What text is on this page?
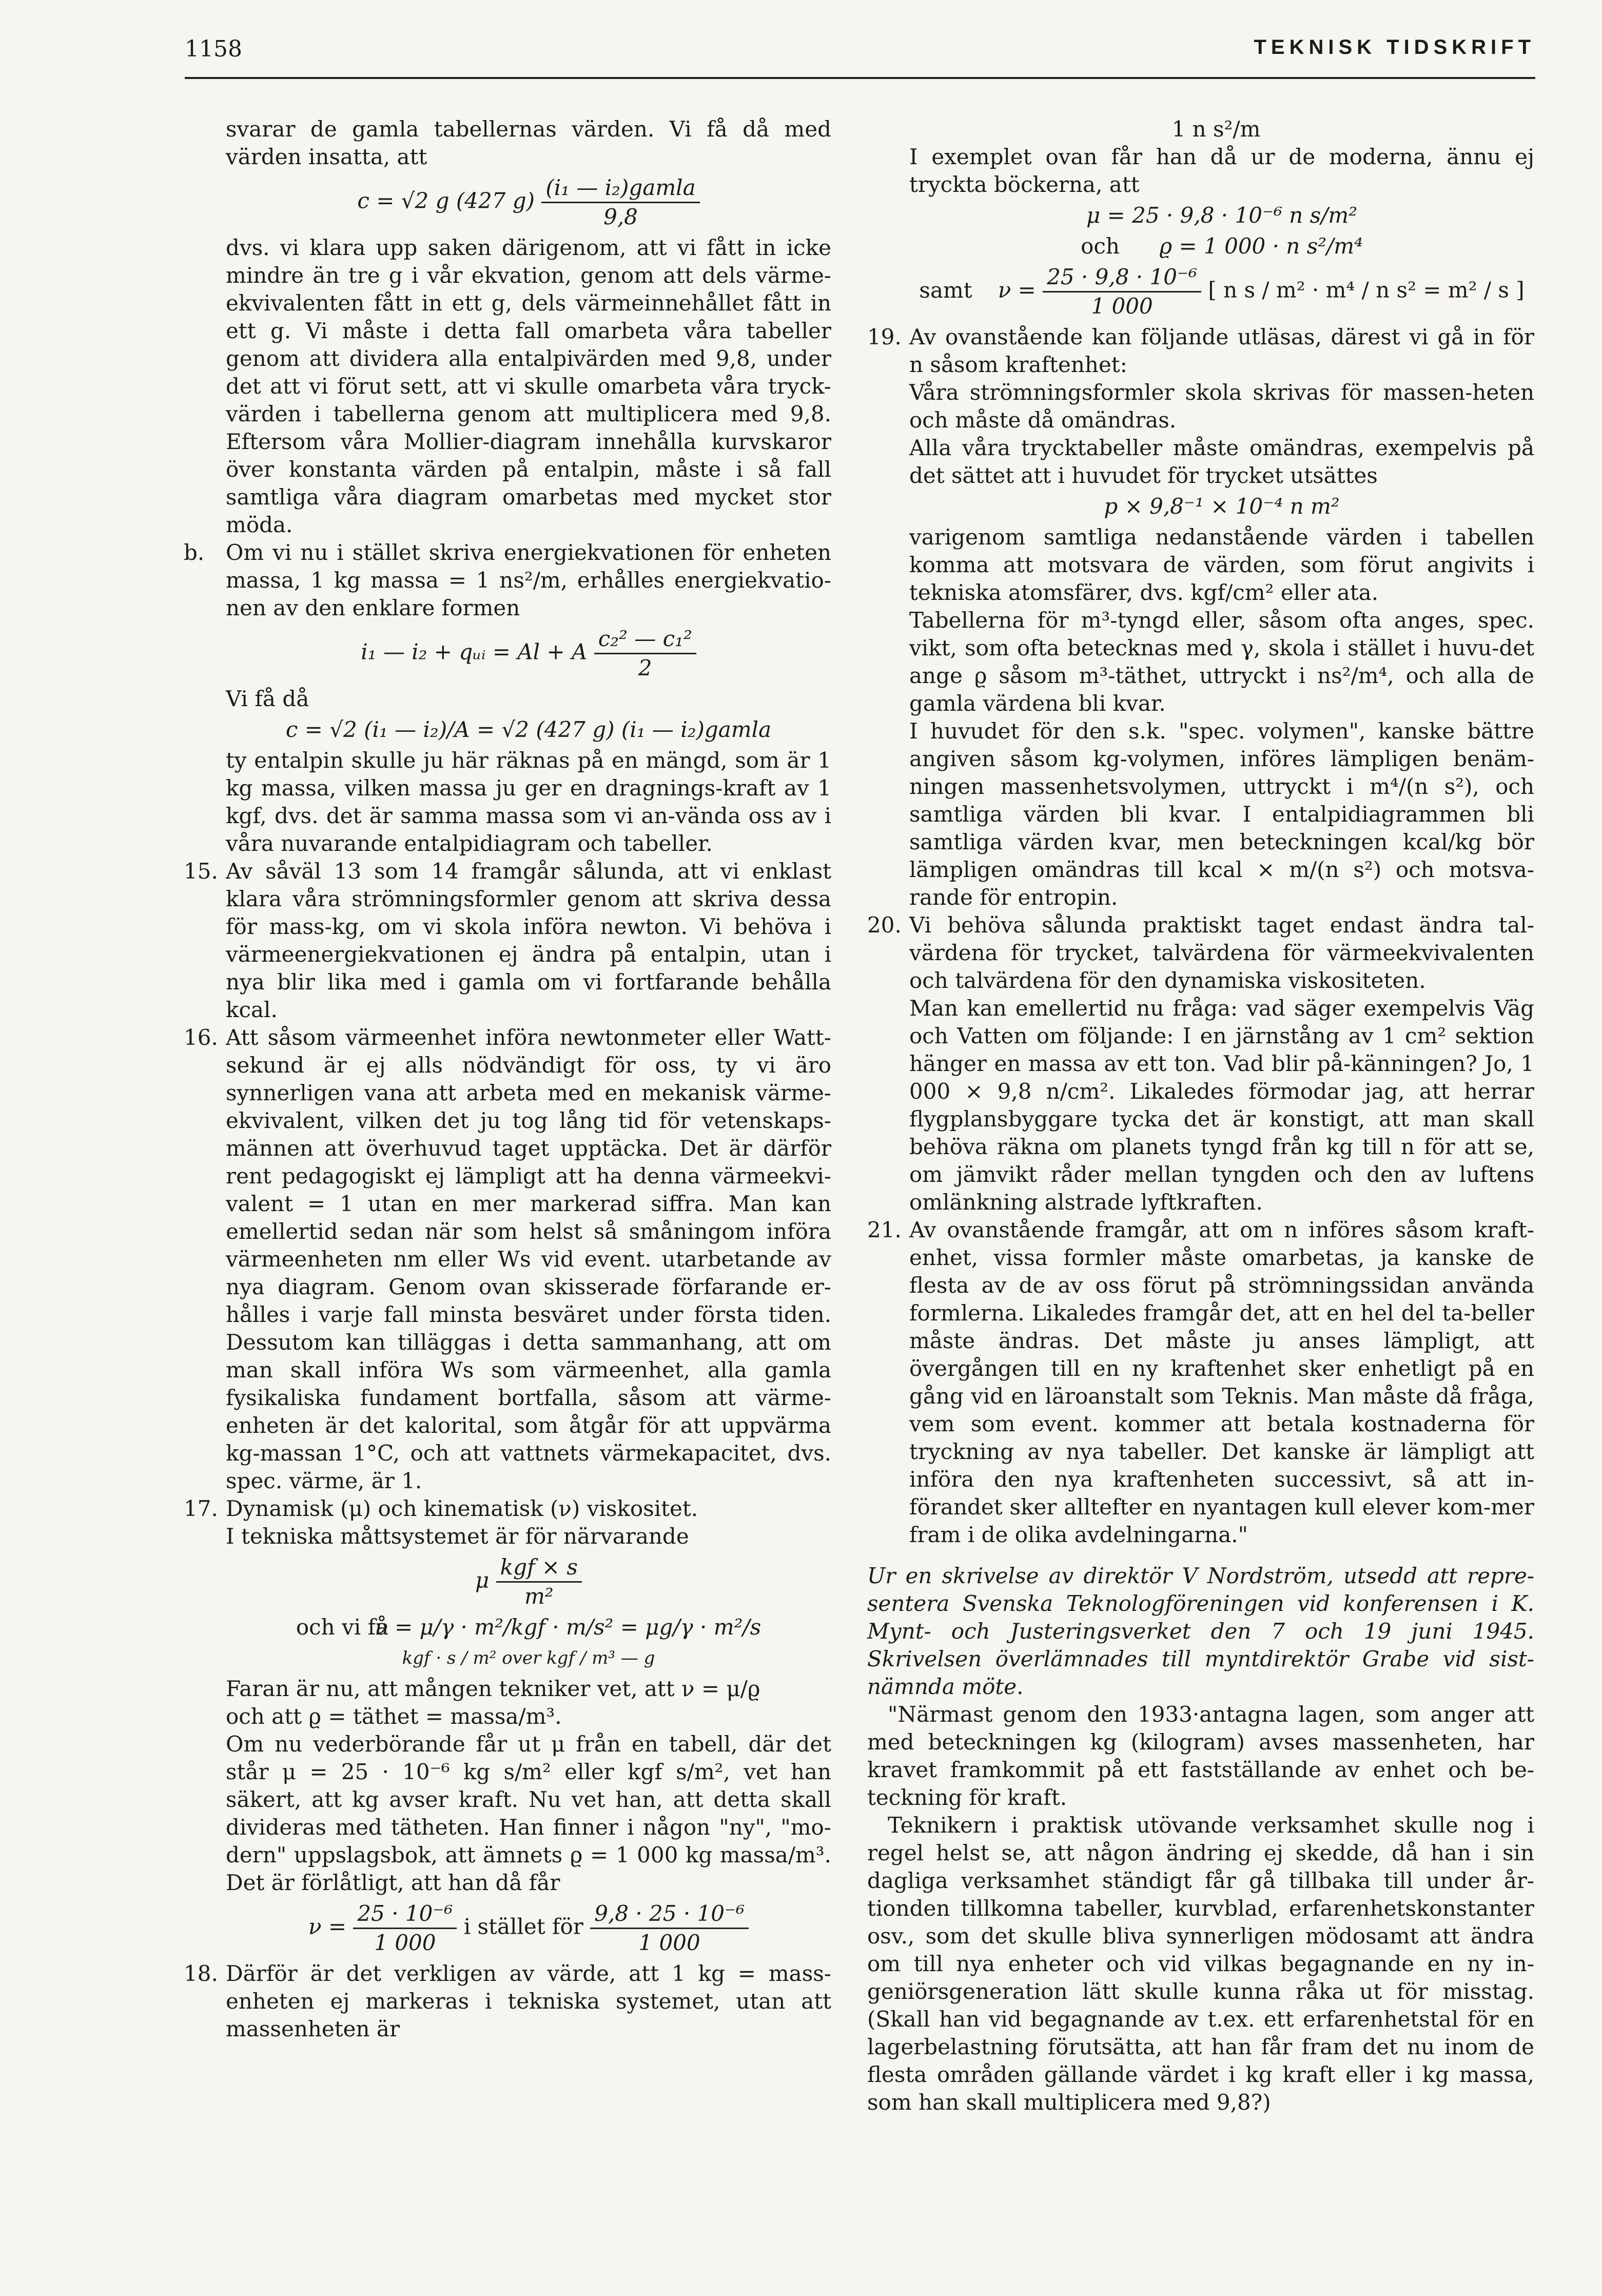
1158	TEKNISK TIDSKRIFT

svarar de gamla tabellernas värden. Vi få då med värden insatta, att

c = √2 g (427 $g) \frac{\text{(i₁ — i₂)gamla}}{9,8}$

dvs. vi klara upp saken därigenom, att vi fått in icke mindre än tre g i vår ekvation, genom att dels värme-ekvivalenten fått in ett g, dels värmeinnehållet fått in ett g. Vi måste i detta fall omarbeta våra tabeller genom att dividera alla entalpivärden med 9,8, under det att vi förut sett, att vi skulle omarbeta våra tryck-värden i tabellerna genom att multiplicera med 9,8. Eftersom våra Mollier-diagram innehålla kurvskaror över konstanta värden på entalpin, måste i så fall samtliga våra diagram omarbetas med mycket stor möda.

b. Om vi nu i stället skriva energiekvationen för enheten massa, 1 kg massa = 1 ns²/m, erhålles energiekvatio-nen av den enklare formen

i₁ — i₂ + qᵤᵢ = Al + A $\frac{\text{c₂² — c₁²}}{2}$

Vi få då

c = √2 (i₁ — i₂)/A = √2 (427 g) (i₁ — i₂)gamla

ty entalpin skulle ju här räknas på en mängd, som är 1 kg massa, vilken massa ju ger en dragnings-kraft av 1 kgf, dvs. det är samma massa som vi an-vända oss av i våra nuvarande entalpidiagram och tabeller.

15. Av såväl 13 som 14 framgår sålunda, att vi enklast klara våra strömningsformler genom att skriva dessa för mass-kg, om vi skola införa newton. Vi behöva i värmeenergiekvationen ej ändra på entalpin, utan i nya blir lika med i gamla om vi fortfarande behålla kcal.

16. Att såsom värmeenhet införa newtonmeter eller Watt-sekund är ej alls nödvändigt för oss, ty vi äro synnerligen vana att arbeta med en mekanisk värme-ekvivalent, vilken det ju tog lång tid för vetenskaps-männen att överhuvud taget upptäcka. Det är därför rent pedagogiskt ej lämpligt att ha denna värmeekvi-valent = 1 utan en mer markerad siffra. Man kan emellertid sedan när som helst så småningom införa värmeenheten nm eller Ws vid event. utarbetande av nya diagram. Genom ovan skisserade förfarande er-hålles i varje fall minsta besväret under första tiden. Dessutom kan tilläggas i detta sammanhang, att om man skall införa Ws som värmeenhet, alla gamla fysikaliska fundament bortfalla, såsom att värme-enheten är det kalorital, som åtgår för att uppvärma kg-massan 1°C, och att vattnets värmekapacitet, dvs. spec. värme, är 1.

17. Dynamisk (μ) och kinematisk (ν) viskositet.

I tekniska måttsystemet är för närvarande

μ $\frac{\text{kgf × s}}{\text{m²}}$
och vi få ν = μ/γ · m²/kgf · m/s² = μg/γ · m²/s
kgf · s / m² over kgf / m³ — g

Faran är nu, att mången tekniker vet, att ν = μ/ϱ

och att ϱ = täthet = massa/m³.

Om nu vederbörande får ut μ från en tabell, där det står μ = 25 · 10⁻⁶ kg s/m² eller kgf s/m², vet han säkert, att kg avser kraft. Nu vet han, att detta skall divideras med tätheten. Han finner i någon "ny", "mo-dern" uppslagsbok, att ämnets ϱ = 1 000 kg massa/m³. Det är förlåtligt, att han då får

$\nu = \frac{\text{25 · 10⁻⁶}}{1 000}$ i stället för $\frac{\text{9,8 · 25 · 10⁻⁶}}{1 000}$
18. Därför är det verkligen av värde, att 1 kg = mass-enheten ej markeras i tekniska systemet, utan att massenheten är

1 n s²/m

I exemplet ovan får han då ur de moderna, ännu ej tryckta böckerna, att

μ = 25 · 9,8 · 10⁻⁶ n s/m²
och ϱ = 1 000 · n s²/m⁴
samt $\nu = \frac{\text{25 · 9,8 · 10⁻⁶}}{1 000}$ [ n s / m² · m⁴ / n s² = m² / s ]
19. Av ovanstående kan följande utläsas, därest vi gå in för n såsom kraftenhet:

Våra strömningsformler skola skrivas för massen-heten och måste då omändras.

Alla våra trycktabeller måste omändras, exempelvis på det sättet att i huvudet för trycket utsättes

p × 9,8⁻¹ × 10⁻⁴ n m²

varigenom samtliga nedanstående värden i tabellen komma att motsvara de värden, som förut angivits i tekniska atomsfärer, dvs. kgf/cm² eller ata.

Tabellerna för m³-tyngd eller, såsom ofta anges, spec. vikt, som ofta betecknas med γ, skola i stället i huvu-det ange ϱ såsom m³-täthet, uttryckt i ns²/m⁴, och alla de gamla värdena bli kvar.

I huvudet för den s.k. "spec. volymen", kanske bättre angiven såsom kg-volymen, införes lämpligen benäm-ningen massenhetsvolymen, uttryckt i m⁴/(n s²), och samtliga värden bli kvar. I entalpidiagrammen bli samtliga värden kvar, men beteckningen kcal/kg bör lämpligen omändras till kcal × m/(n s²) och motsva-rande för entropin.

20. Vi behöva sålunda praktiskt taget endast ändra tal-värdena för trycket, talvärdena för värmeekvivalenten och talvärdena för den dynamiska viskositeten.

Man kan emellertid nu fråga: vad säger exempelvis Väg och Vatten om följande: I en järnstång av 1 cm² sektion hänger en massa av ett ton. Vad blir på-känningen? Jo, 1 000 × 9,8 n/cm². Likaledes förmodar jag, att herrar flygplansbyggare tycka det är konstigt, att man skall behöva räkna om planets tyngd från kg till n för att se, om jämvikt råder mellan tyngden och den av luftens omlänkning alstrade lyftkraften.

21. Av ovanstående framgår, att om n införes såsom kraft-enhet, vissa formler måste omarbetas, ja kanske de flesta av de av oss förut på strömningssidan använda formlerna. Likaledes framgår det, att en hel del ta-beller måste ändras. Det måste ju anses lämpligt, att övergången till en ny kraftenhet sker enhetligt på en gång vid en läroanstalt som Teknis. Man måste då fråga, vem som event. kommer att betala kostnaderna för tryckning av nya tabeller. Det kanske är lämpligt att införa den nya kraftenheten successivt, så att in-förandet sker alltefter en nyantagen kull elever kom-mer fram i de olika avdelningarna."

Ur en skrivelse av direktör V Nordström, utsedd att repre-sentera Svenska Teknologföreningen vid konferensen i K. Mynt- och Justeringsverket den 7 och 19 juni 1945. Skrivelsen överlämnades till myntdirektör Grabe vid sist-nämnda möte.

"Närmast genom den 1933·antagna lagen, som anger att med beteckningen kg (kilogram) avses massenheten, har kravet framkommit på ett fastställande av enhet och be-teckning för kraft.

Teknikern i praktisk utövande verksamhet skulle nog i regel helst se, att någon ändring ej skedde, då han i sin dagliga verksamhet ständigt får gå tillbaka till under år-tionden tillkomna tabeller, kurvblad, erfarenhetskonstanter osv., som det skulle bliva synnerligen mödosamt att ändra om till nya enheter och vid vilkas begagnande en ny in-geniörsgeneration lätt skulle kunna råka ut för misstag. (Skall han vid begagnande av t.ex. ett erfarenhetstal för en lagerbelastning förutsätta, att han får fram det nu inom de flesta områden gällande värdet i kg kraft eller i kg massa, som han skall multiplicera med 9,8?)
